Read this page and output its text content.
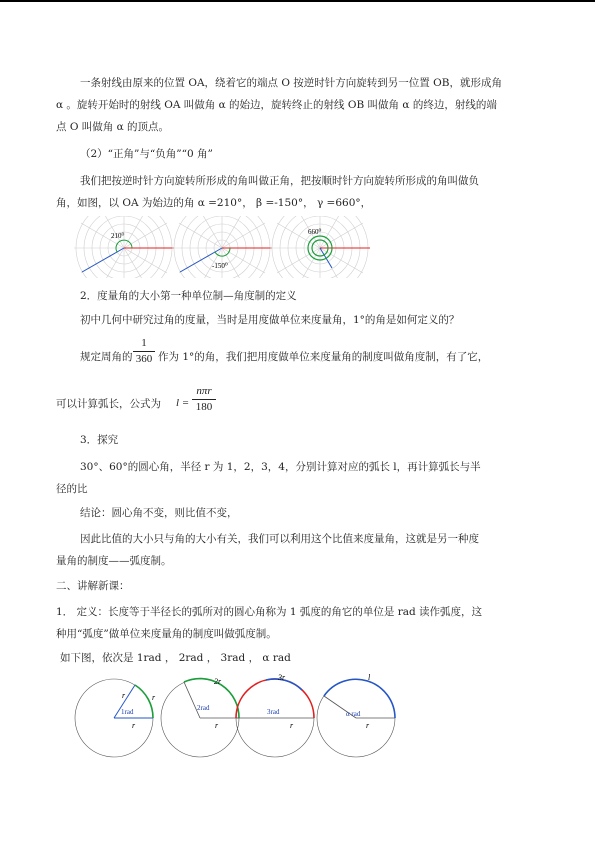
一条射线由原来的位置 OA，绕着它的端点 O 按逆时针方向旋转到另一位置 OB，就形成角
α 。旋转开始时的射线 OA 叫做角 α 的始边，旋转终止的射线 OB 叫做角 α 的终边，射线的端
点 O 叫做角 α 的顶点。
（2）“正角”与“负角”“0 角”
我们把按逆时针方向旋转所形成的角叫做正角，把按顺时针方向旋转所形成的角叫做负
角，如图，以 OA 为始边的角 α =210°， β =-150°， γ =660°，
210⁰
-150⁰
660⁰
2．度量角的大小第一种单位制—角度制的定义
初中几何中研究过角的度量，当时是用度做单位来度量角，1°的角是如何定义的？
1
360
规定周角的 作为 1°的角，我们把用度做单位来度量角的制度叫做角度制，有了它，
可以计算弧长，公式为 l =
nπr
180
3．探究
30°、60°的圆心角，半径 r 为 1，2，3，4，分别计算对应的弧长 l，再计算弧长与半
径的比
结论：圆心角不变，则比值不变，
因此比值的大小只与角的大小有关，我们可以利用这个比值来度量角，这就是另一种度
量角的制度——弧度制。
二、讲解新课：
1． 定义：长度等于半径长的弧所对的圆心角称为 1 弧度的角它的单位是 rad 读作弧度，这
种用“弧度”做单位来度量角的制度叫做弧度制。
如下图，依次是 1rad ， 2rad ， 3rad ， α rad
1rad
r
r	r
2rad
r
2r
3rad
r
3r
α rad
r
l
